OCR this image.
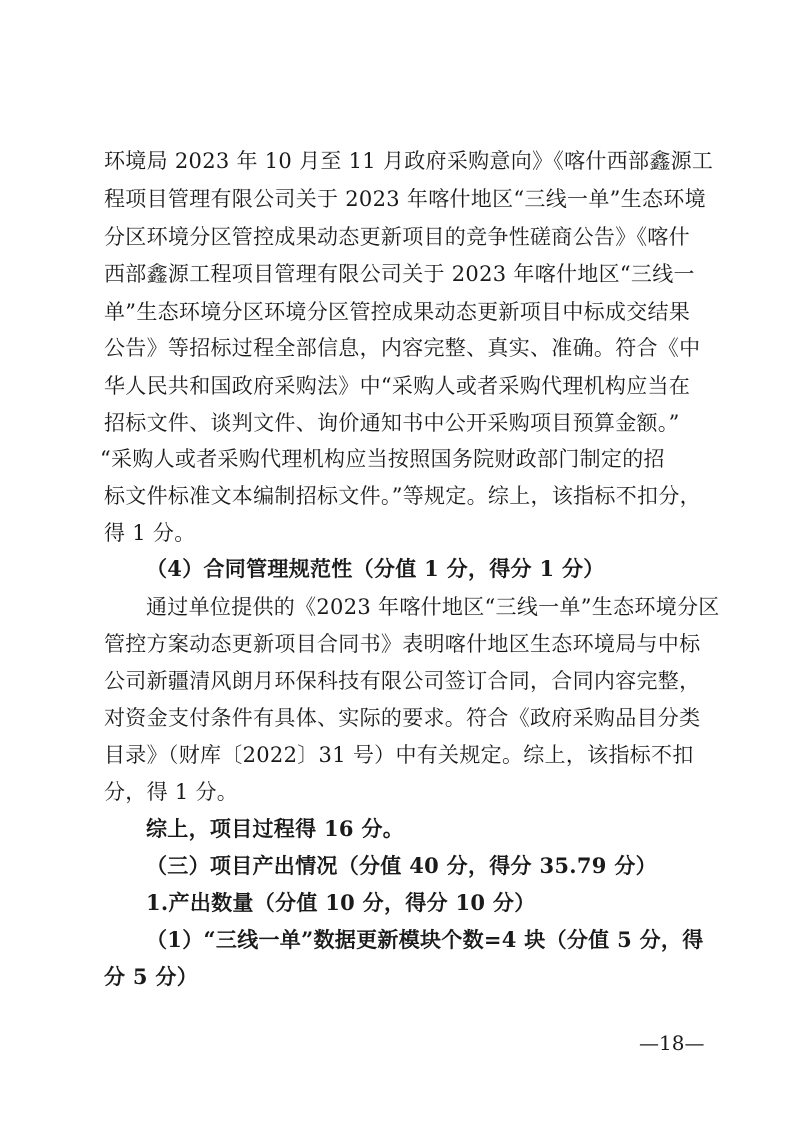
环境局 2023 年 10 月至 11 月政府采购意向》《喀什西部鑫源工
程项目管理有限公司关于 2023 年喀什地区“三线一单”生态环境
分区环境分区管控成果动态更新项目的竞争性磋商公告》《喀什
西部鑫源工程项目管理有限公司关于 2023 年喀什地区“三线一
单”生态环境分区环境分区管控成果动态更新项目中标成交结果
公告》等招标过程全部信息，内容完整、真实、准确。符合《中
华人民共和国政府采购法》中“采购人或者采购代理机构应当在
招标文件、谈判文件、询价通知书中公开采购项目预算金额。”
“采购人或者采购代理机构应当按照国务院财政部门制定的招
标文件标准文本编制招标文件。”等规定。综上，该指标不扣分，
得 1 分。
（4）合同管理规范性（分值 1 分，得分 1 分）
通过单位提供的《2023 年喀什地区“三线一单”生态环境分区
管控方案动态更新项目合同书》表明喀什地区生态环境局与中标
公司新疆清风朗月环保科技有限公司签订合同，合同内容完整，
对资金支付条件有具体、实际的要求。符合《政府采购品目分类
目录》（财库〔2022〕31 号）中有关规定。综上，该指标不扣
分，得 1 分。
综上，项目过程得 16 分。
（三）项目产出情况（分值 40 分，得分 35.79 分）
1.产出数量（分值 10 分，得分 10 分）
（1）“三线一单”数据更新模块个数=4 块（分值 5 分，得
分 5 分）
—18—
